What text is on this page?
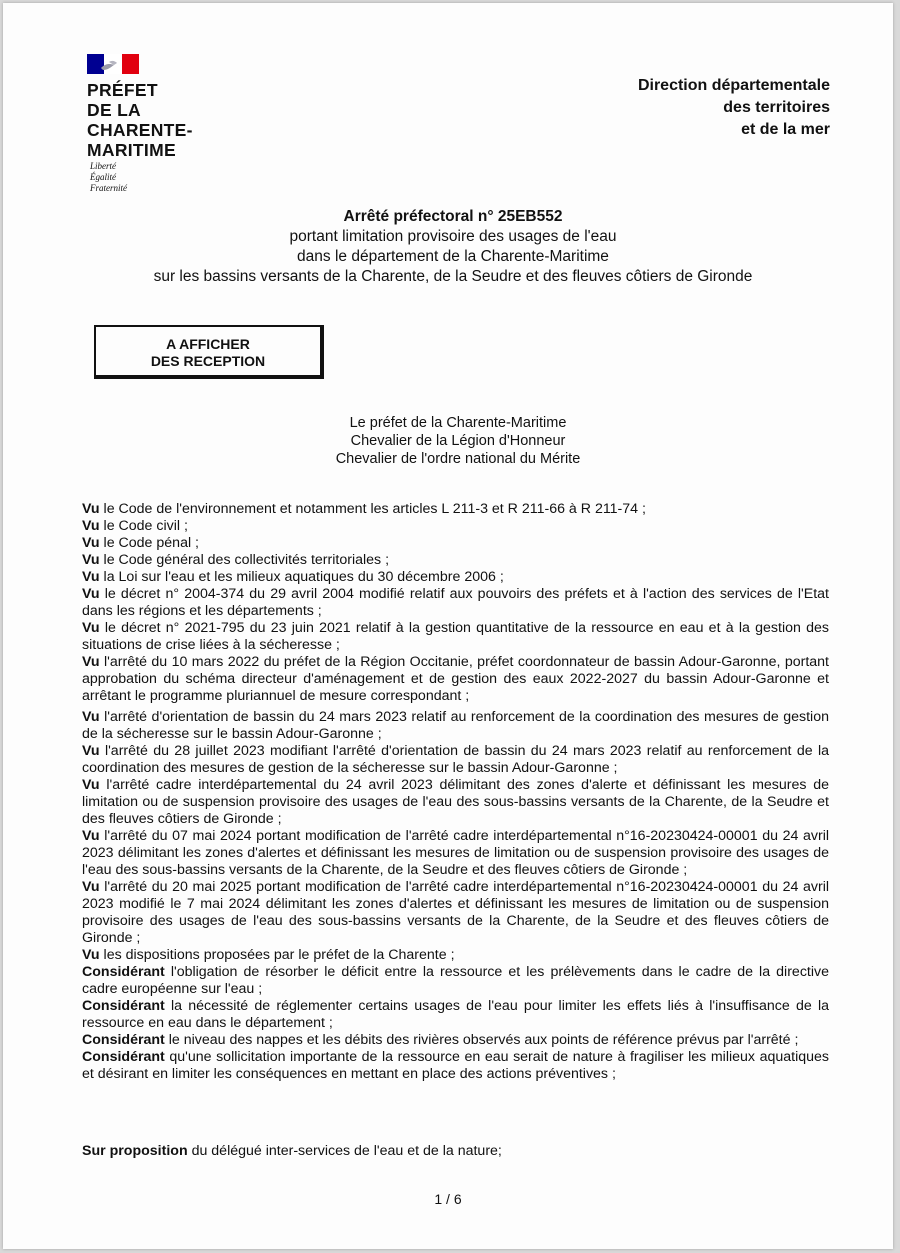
PRÉFET
DE LA
CHARENTE-
MARITIME
Liberté
Égalité
Fraternité
Direction départementale
des territoires
et de la mer
Arrêté préfectoral n° 25EB552
portant limitation provisoire des usages de l'eau
dans le département de la Charente-Maritime
sur les bassins versants de la Charente, de la Seudre et des fleuves côtiers de Gironde
A AFFICHER
DES RECEPTION
Le préfet de la Charente-Maritime
Chevalier de la Légion d'Honneur
Chevalier de l'ordre national du Mérite

Vu le Code de l'environnement et notamment les articles L 211-3 et R 211-66 à R 211-74 ;

Vu le Code civil ;

Vu le Code pénal ;

Vu le Code général des collectivités territoriales ;

Vu la Loi sur l'eau et les milieux aquatiques du 30 décembre 2006 ;

Vu le décret n° 2004-374 du 29 avril 2004 modifié relatif aux pouvoirs des préfets et à l'action des services de l'Etat dans les régions et les départements ;

Vu le décret n° 2021-795 du 23 juin 2021 relatif à la gestion quantitative de la ressource en eau et à la gestion des situations de crise liées à la sécheresse ;

Vu l'arrêté du 10 mars 2022 du préfet de la Région Occitanie, préfet coordonnateur de bassin Adour-Garonne, portant approbation du schéma directeur d'aménagement et de gestion des eaux 2022-2027 du bassin Adour-Garonne et arrêtant le programme pluriannuel de mesure correspondant ;

Vu l'arrêté d'orientation de bassin du 24 mars 2023 relatif au renforcement de la coordination des mesures de gestion de la sécheresse sur le bassin Adour-Garonne ;

Vu l'arrêté du 28 juillet 2023 modifiant l'arrêté d'orientation de bassin du 24 mars 2023 relatif au renforcement de la coordination des mesures de gestion de la sécheresse sur le bassin Adour-Garonne ;

Vu l'arrêté cadre interdépartemental du 24 avril 2023 délimitant des zones d'alerte et définissant les mesures de limitation ou de suspension provisoire des usages de l'eau des sous-bassins versants de la Charente, de la Seudre et des fleuves côtiers de Gironde ;

Vu l'arrêté du 07 mai 2024 portant modification de l'arrêté cadre interdépartemental n°16-20230424-00001 du 24 avril 2023 délimitant les zones d'alertes et définissant les mesures de limitation ou de suspension provisoire des usages de l'eau des sous-bassins versants de la Charente, de la Seudre et des fleuves côtiers de Gironde ;

Vu l'arrêté du 20 mai 2025 portant modification de l'arrêté cadre interdépartemental n°16-20230424-00001 du 24 avril 2023 modifié le 7 mai 2024 délimitant les zones d'alertes et définissant les mesures de limitation ou de suspension provisoire des usages de l'eau des sous-bassins versants de la Charente, de la Seudre et des fleuves côtiers de Gironde ;

Vu les dispositions proposées par le préfet de la Charente ;

Considérant l'obligation de résorber le déficit entre la ressource et les prélèvements dans le cadre de la directive cadre européenne sur l'eau ;

Considérant la nécessité de réglementer certains usages de l'eau pour limiter les effets liés à l'insuffisance de la ressource en eau dans le département ;

Considérant le niveau des nappes et les débits des rivières observés aux points de référence prévus par l'arrêté ;

Considérant qu'une sollicitation importante de la ressource en eau serait de nature à fragiliser les milieux aquatiques et désirant en limiter les conséquences en mettant en place des actions préventives ;

Sur proposition du délégué inter-services de l'eau et de la nature;
1 / 6
